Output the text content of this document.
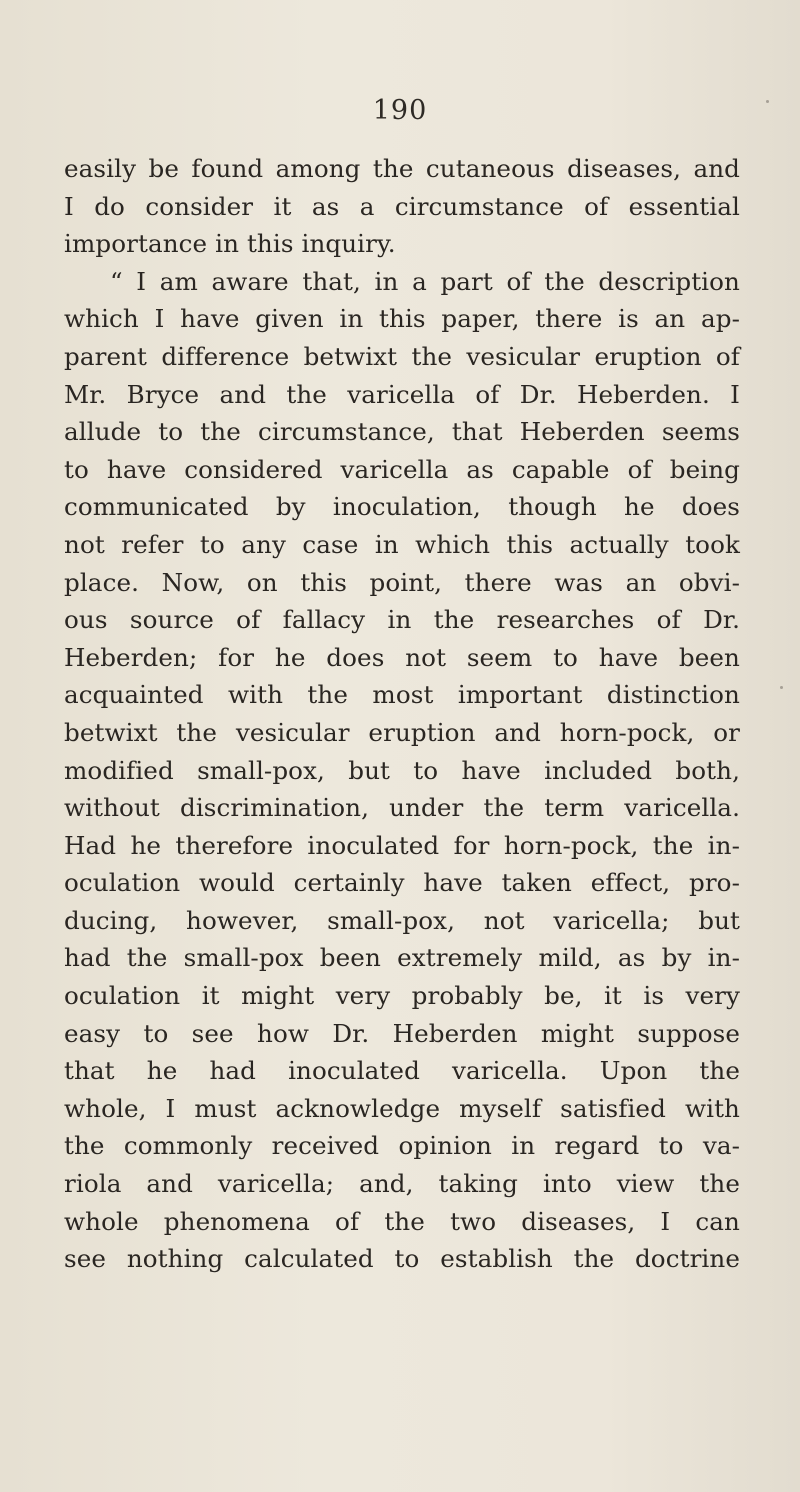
190
easily be found among the cutaneous diseases, and
I do consider it as a circumstance of essential
importance in this inquiry.
“ I am aware that, in a part of the description
which I have given in this paper, there is an ap-
parent difference betwixt the vesicular eruption of
Mr. Bryce and the varicella of Dr. Heberden. I
allude to the circumstance, that Heberden seems
to have considered varicella as capable of being
communicated by inoculation, though he does
not refer to any case in which this actually took
place. Now, on this point, there was an obvi-
ous source of fallacy in the researches of Dr.
Heberden; for he does not seem to have been
acquainted with the most important distinction
betwixt the vesicular eruption and horn-pock, or
modified small-pox, but to have included both,
without discrimination, under the term varicella.
Had he therefore inoculated for horn-pock, the in-
oculation would certainly have taken effect, pro-
ducing, however, small-pox, not varicella; but
had the small-pox been extremely mild, as by in-
oculation it might very probably be, it is very
easy to see how Dr. Heberden might suppose
that he had inoculated varicella. Upon the
whole, I must acknowledge myself satisfied with
the commonly received opinion in regard to va-
riola and varicella; and, taking into view the
whole phenomena of the two diseases, I can
see nothing calculated to establish the doctrine
